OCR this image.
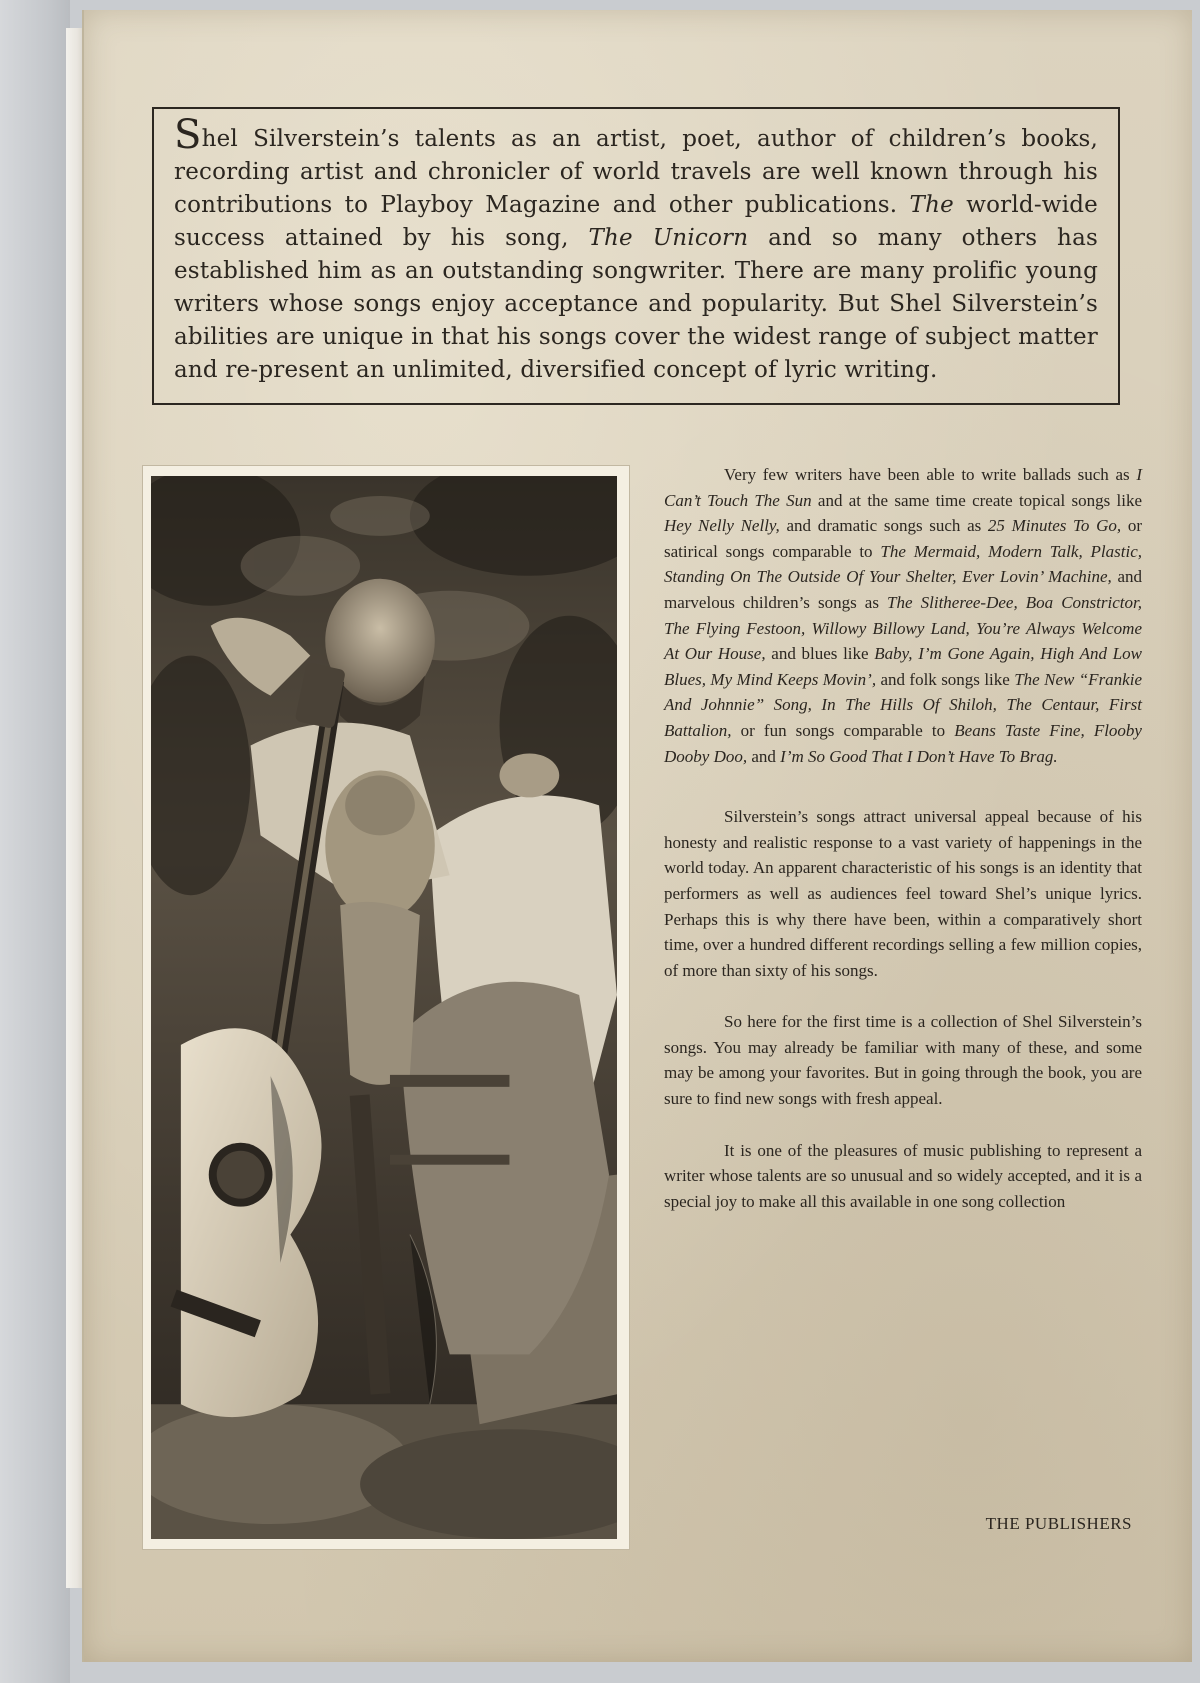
Shel Silverstein’s talents as an artist, poet, author of children’s books, recording artist and chronicler of world travels are well known through his contributions to Playboy Magazine and other publications. The world-wide success attained by his song, The Unicorn and so many others has established him as an outstanding songwriter. There are many prolific young writers whose songs enjoy acceptance and popularity. But Shel Silverstein’s abilities are unique in that his songs cover the widest range of subject matter and re-present an unlimited, diversified concept of lyric writing.

Very few writers have been able to write ballads such as I Can’t Touch The Sun and at the same time create topical songs like Hey Nelly Nelly, and dramatic songs such as 25 Minutes To Go, or satirical songs comparable to The Mermaid, Modern Talk, Plastic, Standing On The Outside Of Your Shelter, Ever Lovin’ Machine, and marvelous children’s songs as The Slitheree-Dee, Boa Constrictor, The Flying Festoon, Willowy Billowy Land, You’re Always Welcome At Our House, and blues like Baby, I’m Gone Again, High And Low Blues, My Mind Keeps Movin’, and folk songs like The New “Frankie And Johnnie” Song, In The Hills Of Shiloh, The Centaur, First Battalion, or fun songs comparable to Beans Taste Fine, Flooby Dooby Doo, and I’m So Good That I Don’t Have To Brag.

Silverstein’s songs attract universal appeal because of his honesty and realistic response to a vast variety of happenings in the world today. An apparent characteristic of his songs is an identity that performers as well as audiences feel toward Shel’s unique lyrics. Perhaps this is why there have been, within a comparatively short time, over a hundred different recordings selling a few million copies, of more than sixty of his songs.

So here for the first time is a collection of Shel Silverstein’s songs. You may already be familiar with many of these, and some may be among your favorites. But in going through the book, you are sure to find new songs with fresh appeal.

It is one of the pleasures of music publishing to represent a writer whose talents are so unusual and so widely accepted, and it is a special joy to make all this available in one song collection

THE PUBLISHERS
